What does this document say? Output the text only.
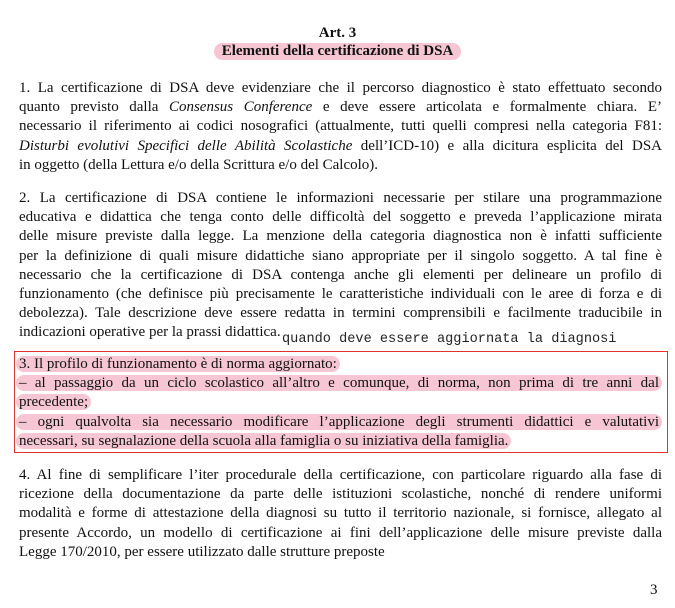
Art. 3
Elementi della certificazione di DSA
1. La certificazione di DSA deve evidenziare che il percorso diagnostico è stato effettuato secondo
quanto previsto dalla Consensus Conference e deve essere articolata e formalmente chiara. E’
necessario il riferimento ai codici nosografici (attualmente, tutti quelli compresi nella categoria F81:
Disturbi evolutivi Specifici delle Abilità Scolastiche dell’ICD-10) e alla dicitura esplicita del DSA
in oggetto (della Lettura e/o della Scrittura e/o del Calcolo).
2. La certificazione di DSA contiene le informazioni necessarie per stilare una programmazione
educativa e didattica che tenga conto delle difficoltà del soggetto e preveda l’applicazione mirata
delle misure previste dalla legge. La menzione della categoria diagnostica non è infatti sufficiente
per la definizione di quali misure didattiche siano appropriate per il singolo soggetto. A tal fine è
necessario che la certificazione di DSA contenga anche gli elementi per delineare un profilo di
funzionamento (che definisce più precisamente le caratteristiche individuali con le aree di forza e di
debolezza). Tale descrizione deve essere redatta in termini comprensibili e facilmente traducibile in
indicazioni operative per la prassi didattica. quando deve essere aggiornata la diagnosi
3. Il profilo di funzionamento è di norma aggiornato:
– al passaggio da un ciclo scolastico all’altro e comunque, di norma, non prima di tre anni dal
precedente;
– ogni qualvolta sia necessario modificare l’applicazione degli strumenti didattici e valutativi
necessari, su segnalazione della scuola alla famiglia o su iniziativa della famiglia.
4. Al fine di semplificare l’iter procedurale della certificazione, con particolare riguardo alla fase di
ricezione della documentazione da parte delle istituzioni scolastiche, nonché di rendere uniformi
modalità e forme di attestazione della diagnosi su tutto il territorio nazionale, si fornisce, allegato al
presente Accordo, un modello di certificazione ai fini dell’applicazione delle misure previste dalla
Legge 170/2010, per essere utilizzato dalle strutture preposte
3
